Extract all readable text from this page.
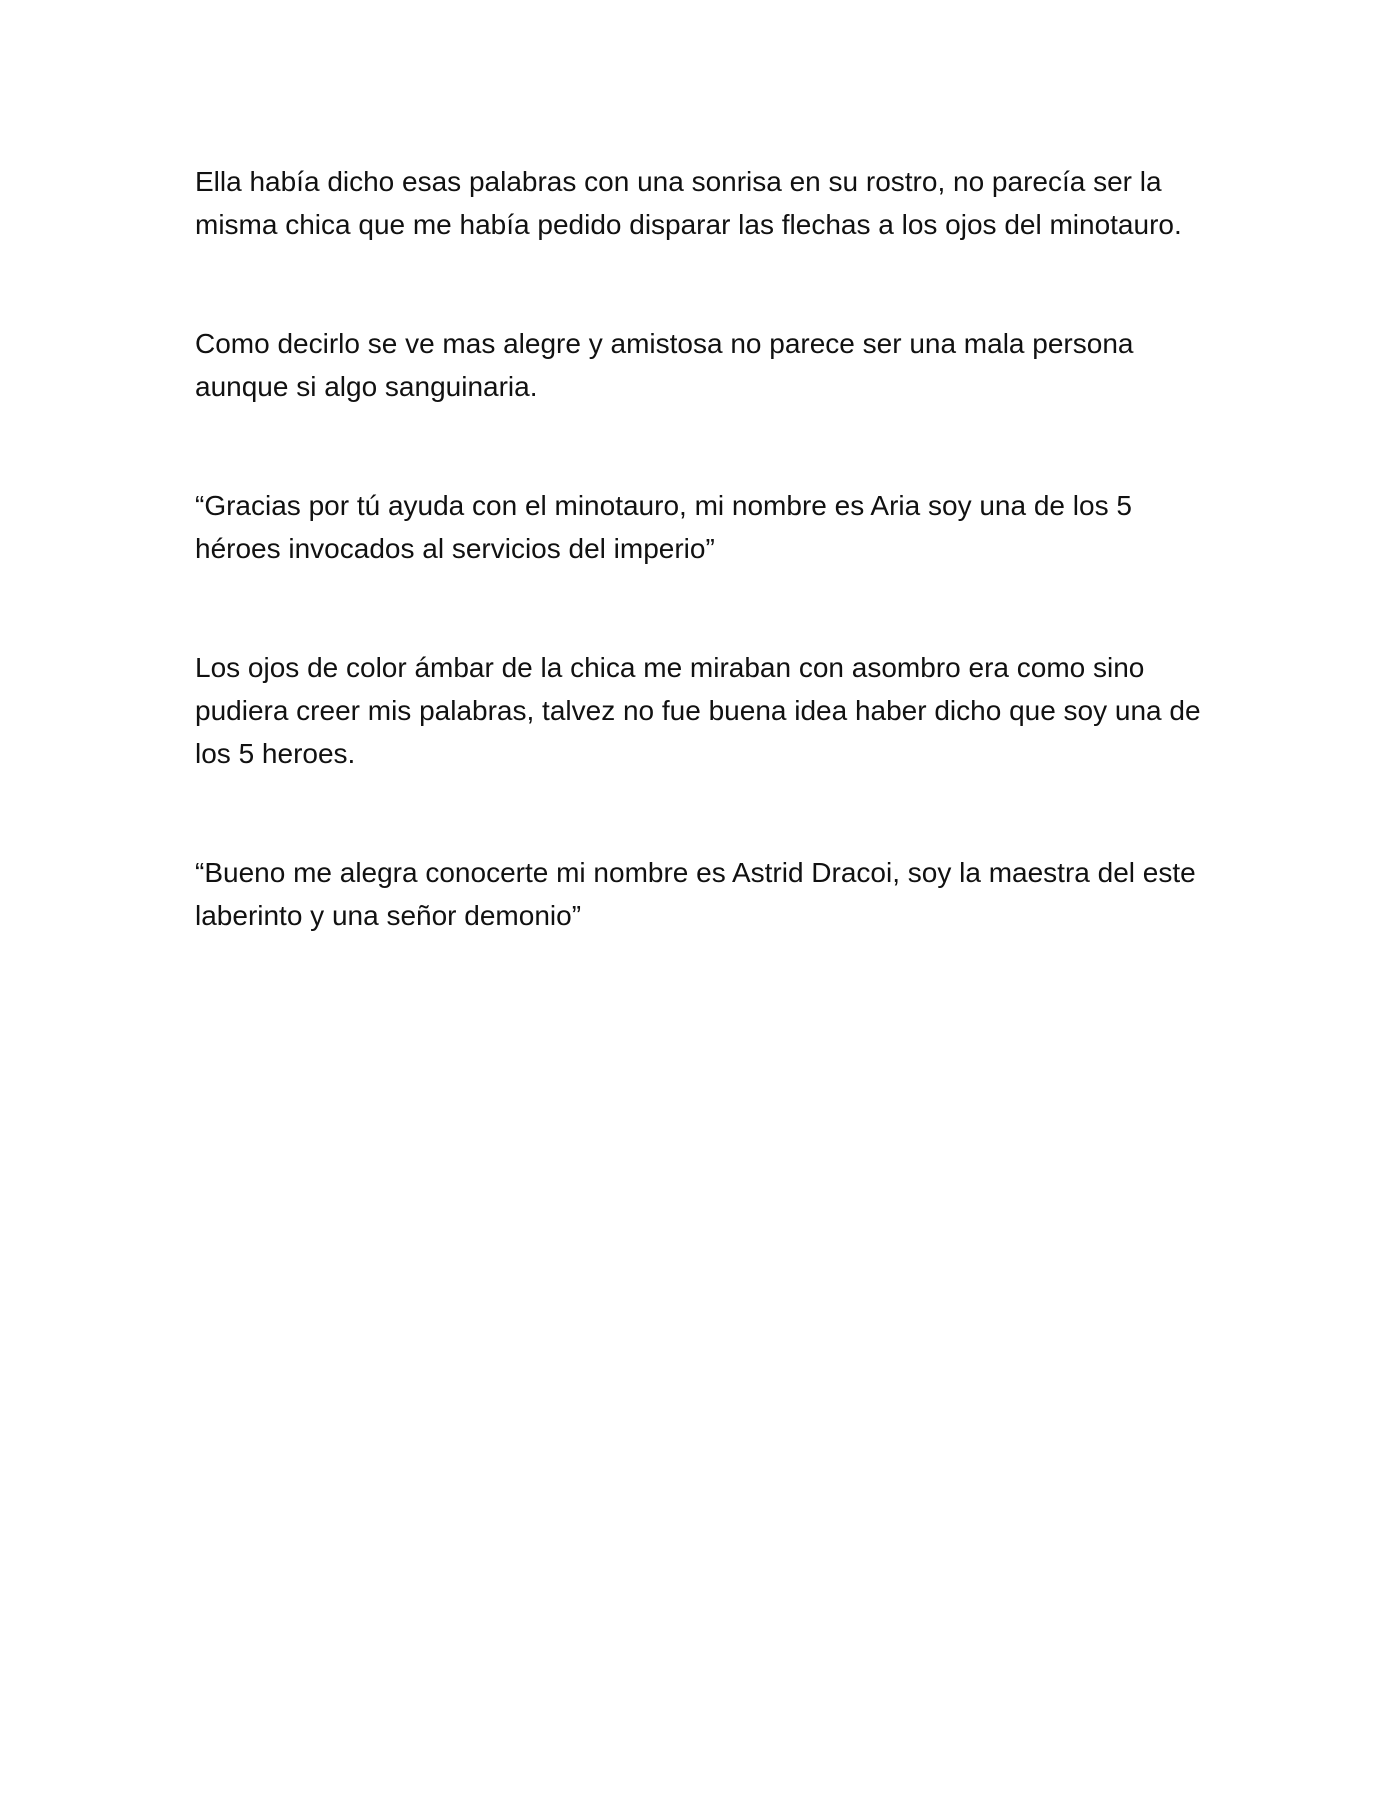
Ella había dicho esas palabras con una sonrisa en su rostro, no parecía ser la misma chica que me había pedido disparar las flechas a los ojos del minotauro.

Como decirlo se ve mas alegre y amistosa no parece ser una mala persona aunque si algo sanguinaria.

“Gracias por tú ayuda con el minotauro, mi nombre es Aria soy una de los 5 héroes invocados al servicios del imperio”

Los ojos de color ámbar de la chica me miraban con asombro era como sino pudiera creer mis palabras, talvez no fue buena idea haber dicho que soy una de los 5 heroes.

“Bueno me alegra conocerte mi nombre es Astrid Dracoi, soy la maestra del este laberinto y una señor demonio”
